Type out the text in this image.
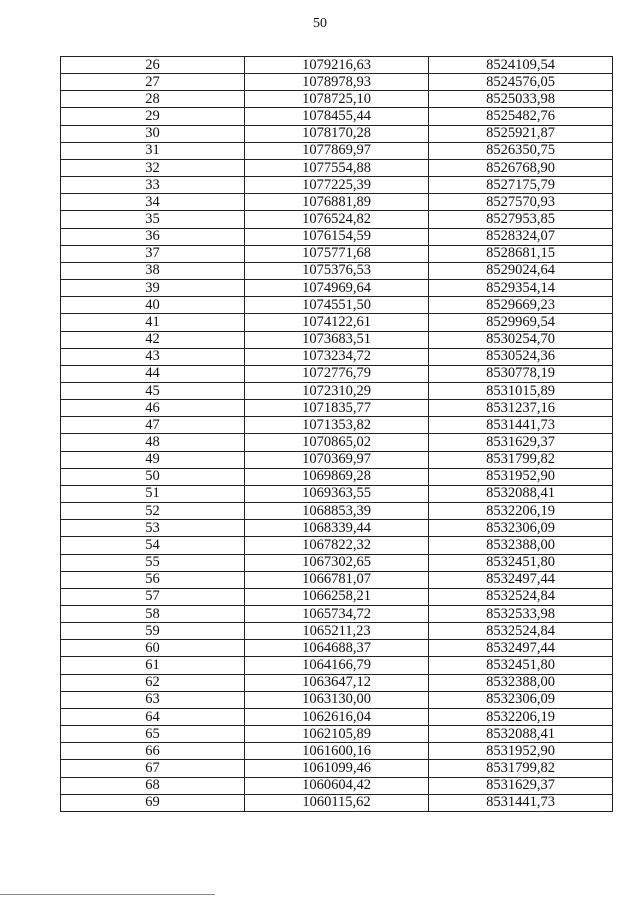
50
26	1079216,63	8524109,54
27	1078978,93	8524576,05
28	1078725,10	8525033,98
29	1078455,44	8525482,76
30	1078170,28	8525921,87
31	1077869,97	8526350,75
32	1077554,88	8526768,90
33	1077225,39	8527175,79
34	1076881,89	8527570,93
35	1076524,82	8527953,85
36	1076154,59	8528324,07
37	1075771,68	8528681,15
38	1075376,53	8529024,64
39	1074969,64	8529354,14
40	1074551,50	8529669,23
41	1074122,61	8529969,54
42	1073683,51	8530254,70
43	1073234,72	8530524,36
44	1072776,79	8530778,19
45	1072310,29	8531015,89
46	1071835,77	8531237,16
47	1071353,82	8531441,73
48	1070865,02	8531629,37
49	1070369,97	8531799,82
50	1069869,28	8531952,90
51	1069363,55	8532088,41
52	1068853,39	8532206,19
53	1068339,44	8532306,09
54	1067822,32	8532388,00
55	1067302,65	8532451,80
56	1066781,07	8532497,44
57	1066258,21	8532524,84
58	1065734,72	8532533,98
59	1065211,23	8532524,84
60	1064688,37	8532497,44
61	1064166,79	8532451,80
62	1063647,12	8532388,00
63	1063130,00	8532306,09
64	1062616,04	8532206,19
65	1062105,89	8532088,41
66	1061600,16	8531952,90
67	1061099,46	8531799,82
68	1060604,42	8531629,37
69	1060115,62	8531441,73
